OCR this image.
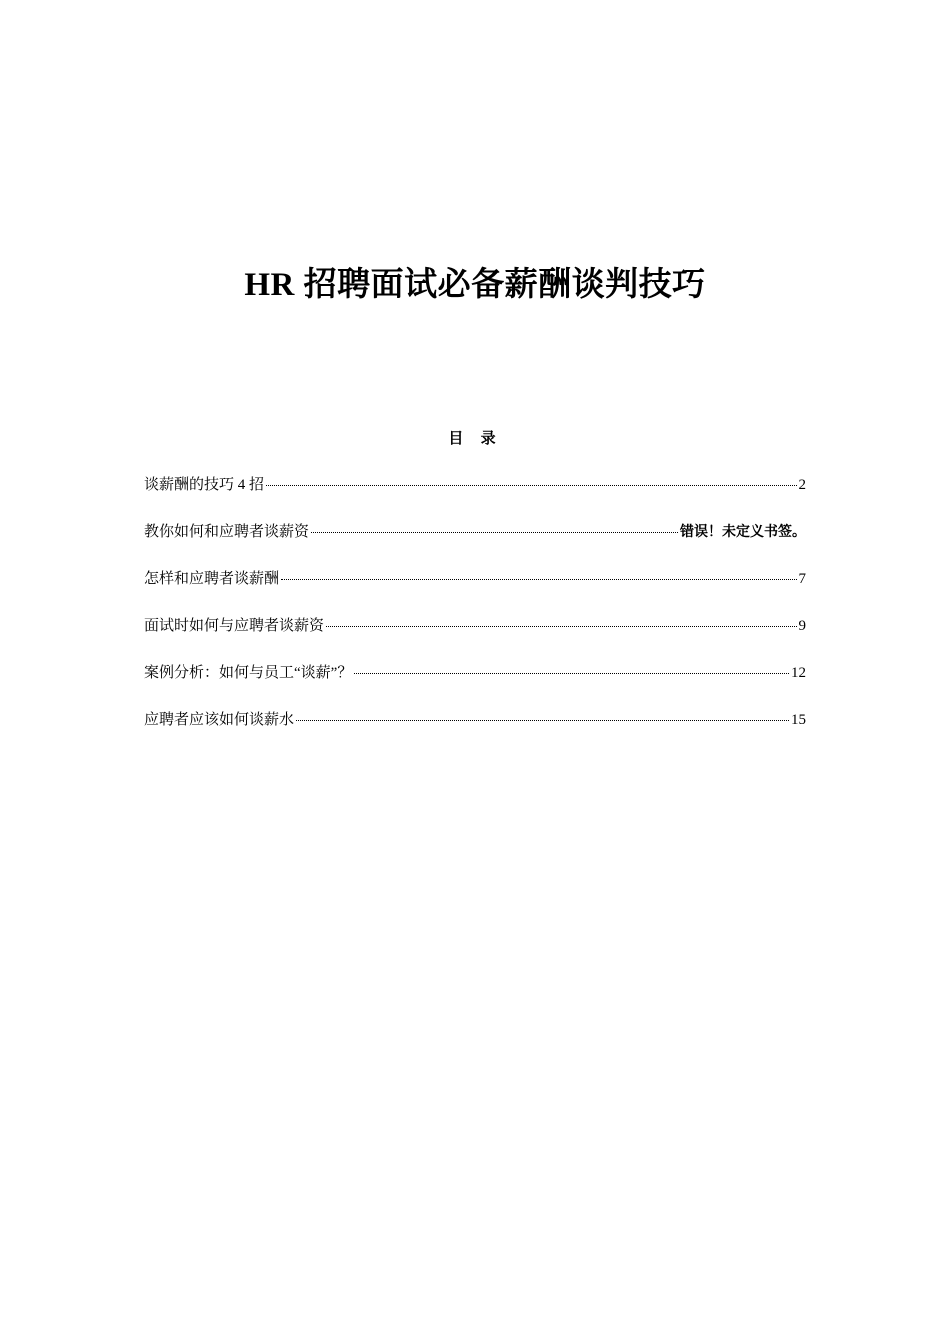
HR 招聘面试必备薪酬谈判技巧
目 录
谈薪酬的技巧 4 招	2
教你如何和应聘者谈薪资	错误！未定义书签。
怎样和应聘者谈薪酬	7
面试时如何与应聘者谈薪资	9
案例分析：如何与员工“谈薪”？	12
应聘者应该如何谈薪水	15
